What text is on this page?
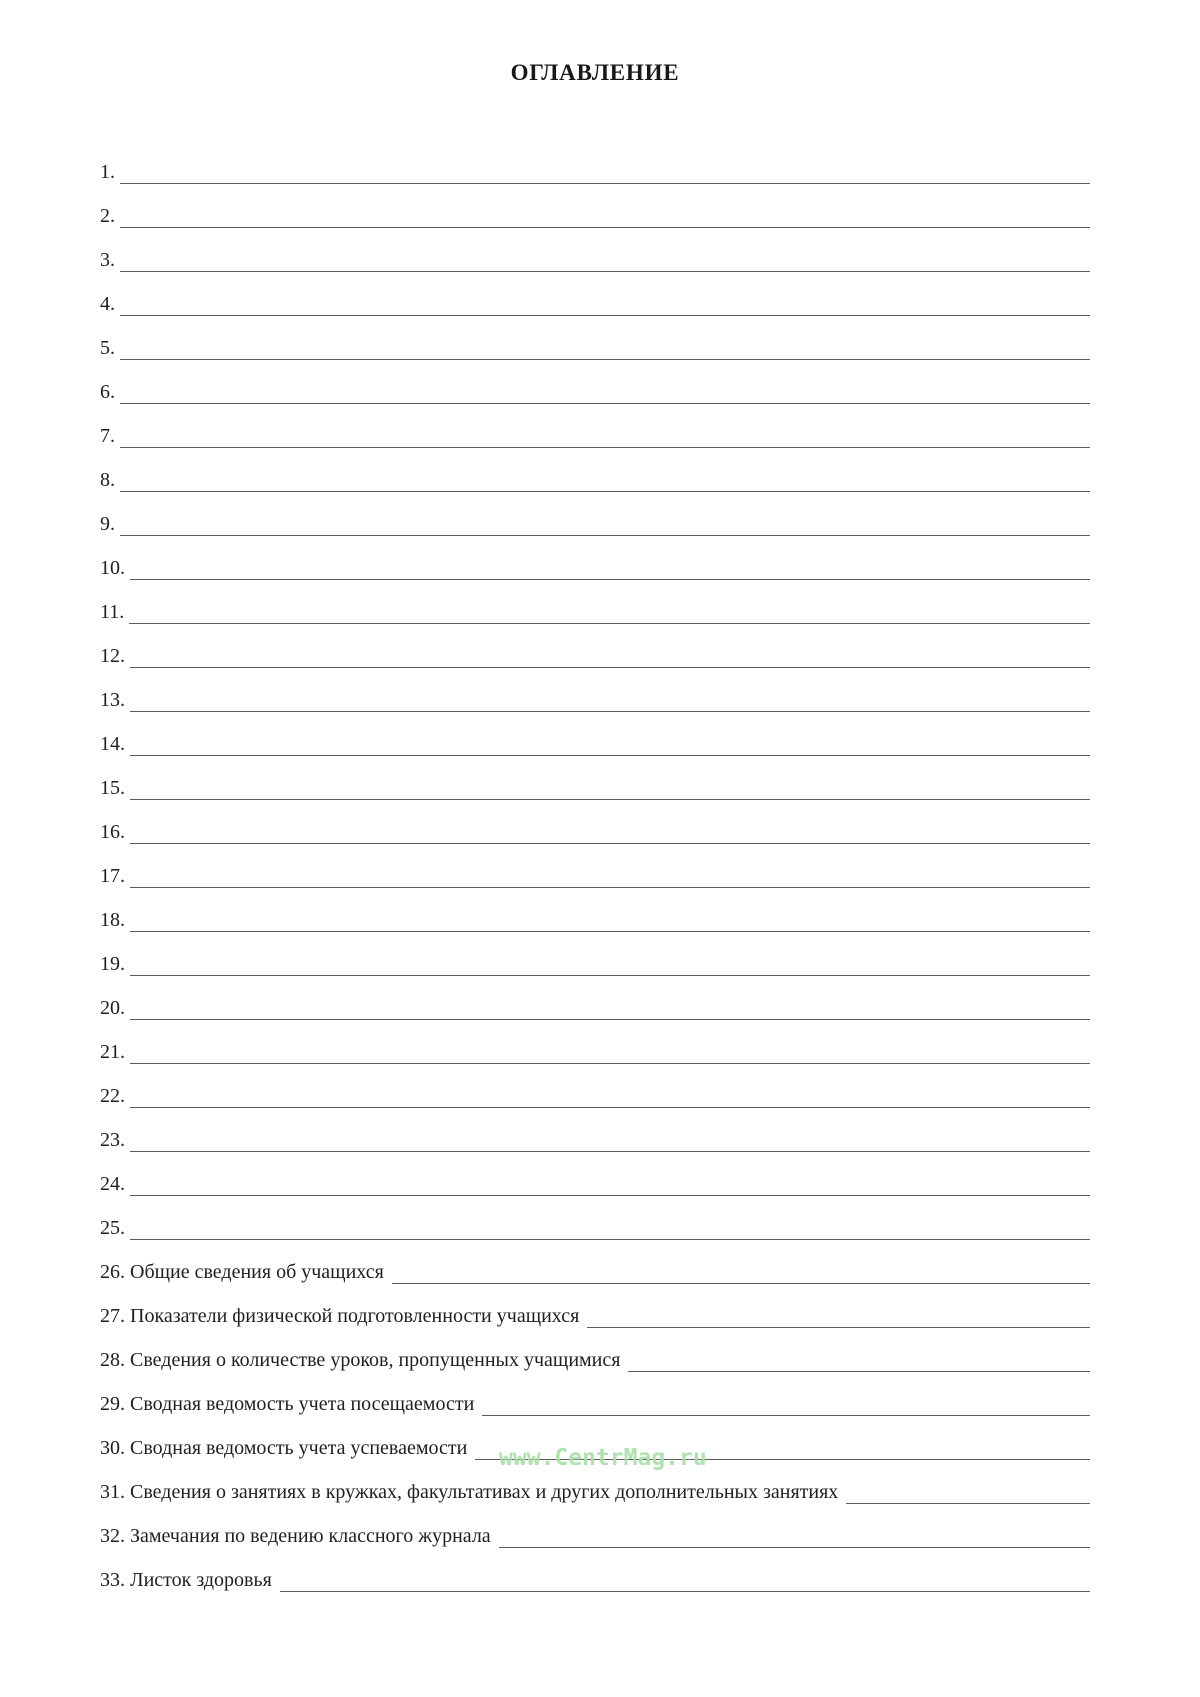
ОГЛАВЛЕНИЕ
1.
2.
3.
4.
5.
6.
7.
8.
9.
10.
11.
12.
13.
14.
15.
16.
17.
18.
19.
20.
21.
22.
23.
24.
25.
26. Общие сведения об учащихся
27. Показатели физической подготовленности учащихся
28. Сведения о количестве уроков, пропущенных учащимися
29. Сводная ведомость учета посещаемости
30. Сводная ведомость учета успеваемости
31. Сведения о занятиях в кружках, факультативах и других дополнительных занятиях
32. Замечания по ведению классного журнала
33. Листок здоровья
www.CentrMag.ru
